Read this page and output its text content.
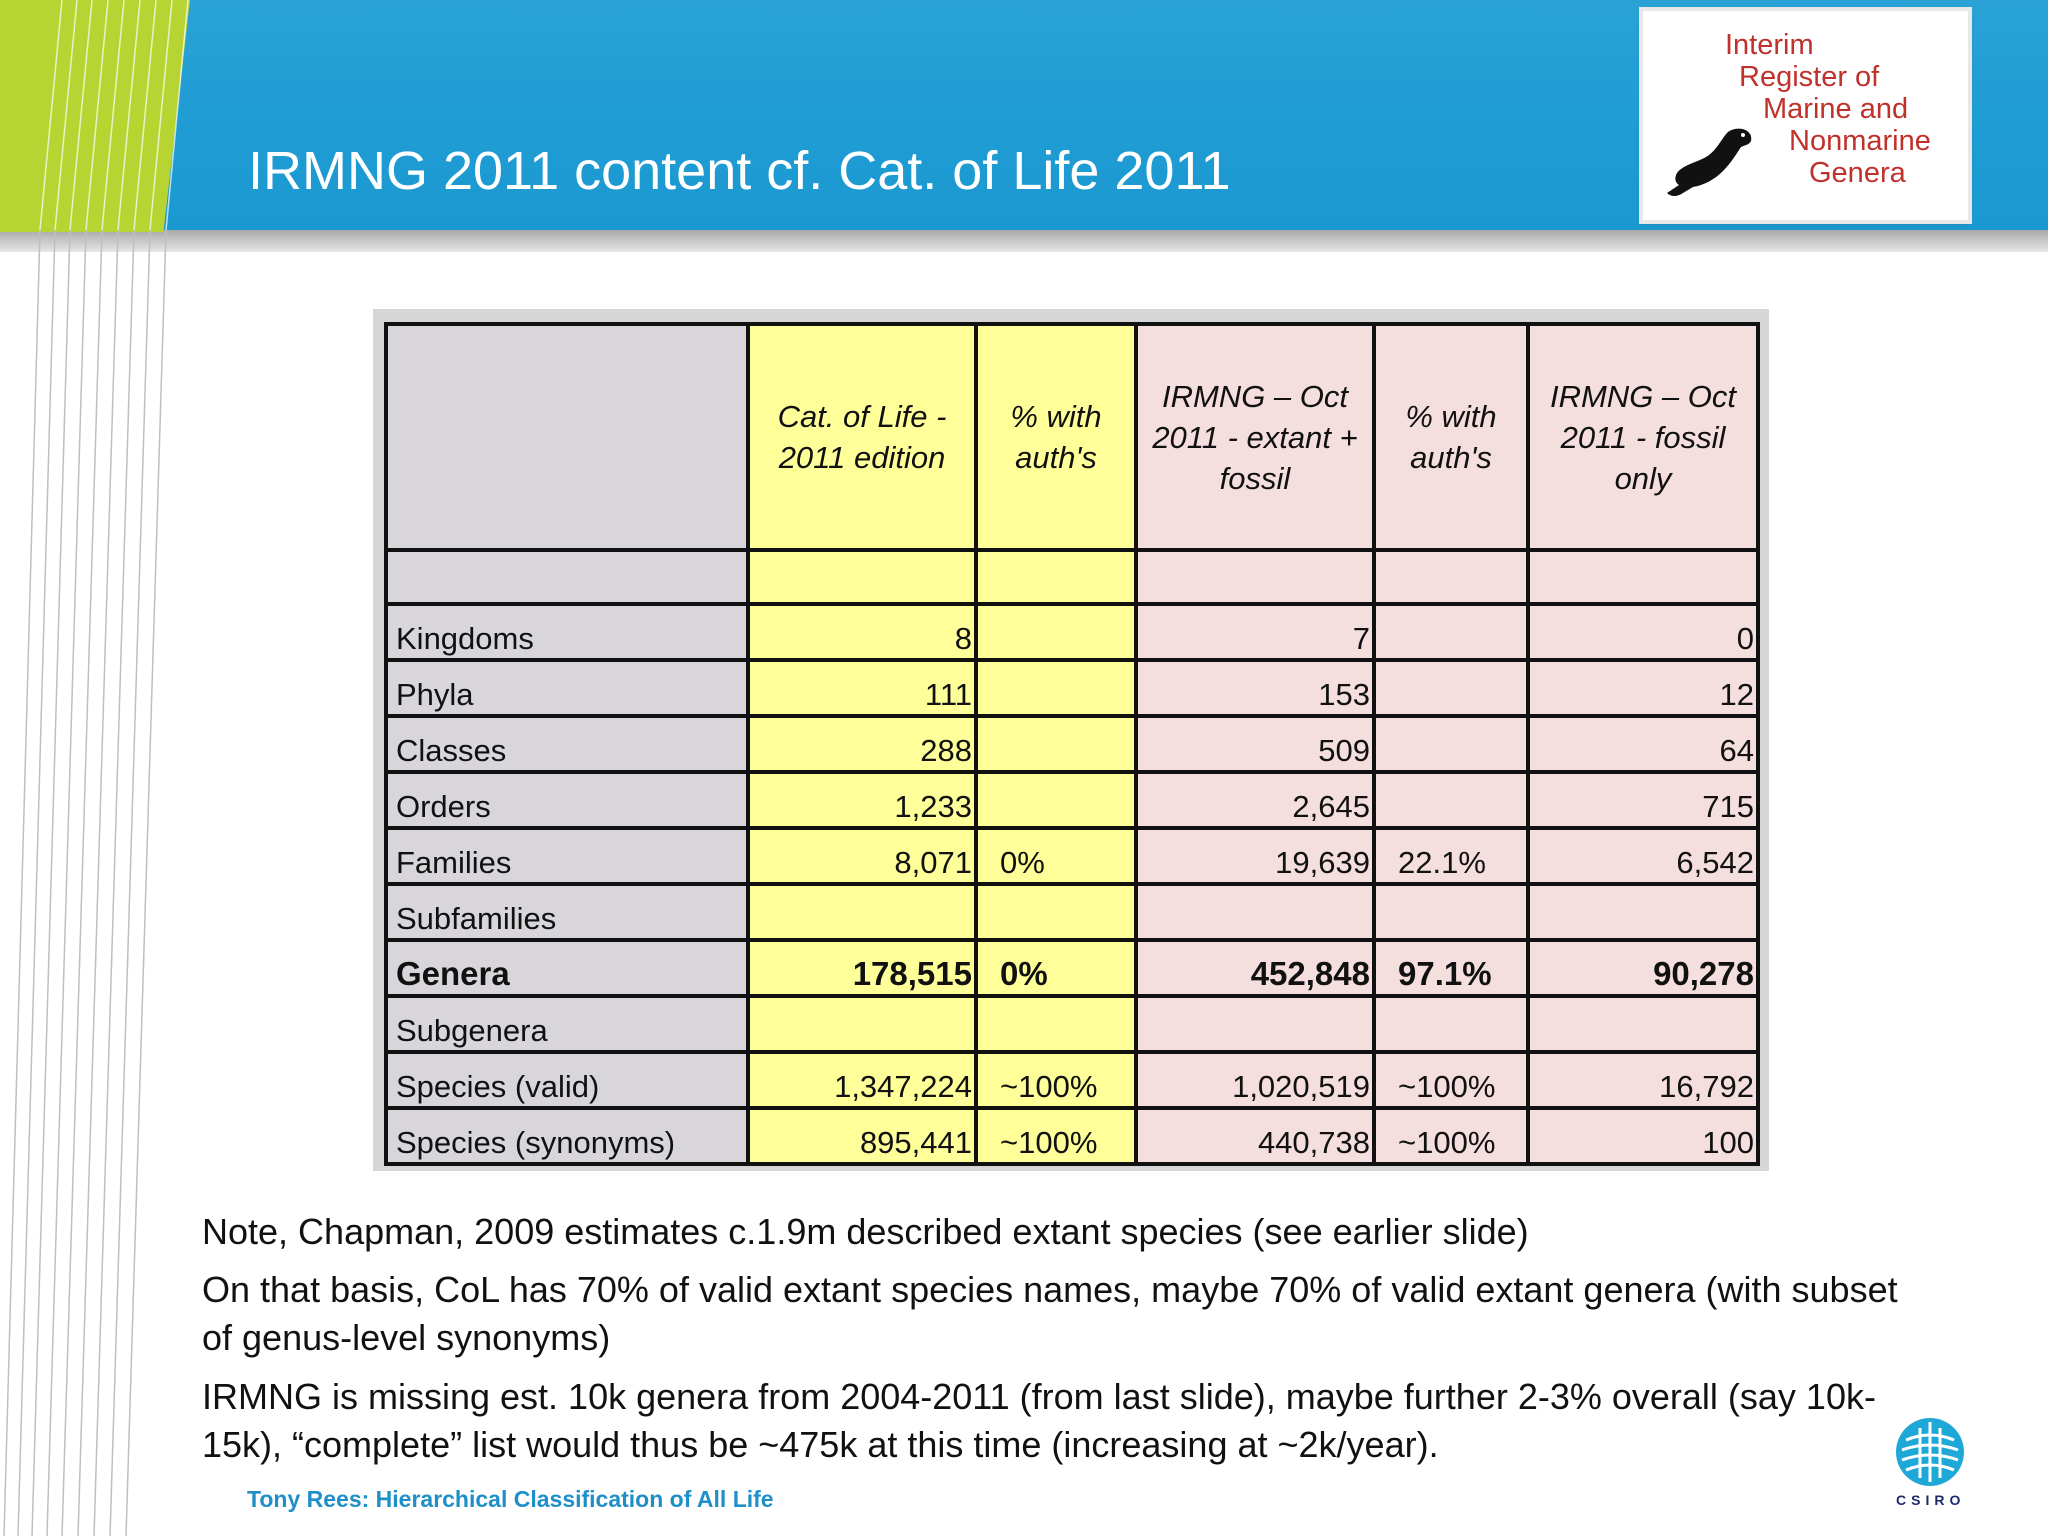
IRMNG 2011 content cf. Cat. of Life 2011
Interim
Register of
Marine and
Nonmarine
Genera
	Cat. of Life - 2011 edition	% with auth's	IRMNG – Oct 2011 - extant + fossil	% with auth's	IRMNG – Oct 2011 - fossil only

Kingdoms	8		7		0
Phyla	111		153		12
Classes	288		509		64
Orders	1,233		2,645		715
Families	8,071	0%	19,639	22.1%	6,542
Subfamilies					
Genera	178,515	0%	452,848	97.1%	90,278
Subgenera					
Species (valid)	1,347,224	~100%	1,020,519	~100%	16,792
Species (synonyms)	895,441	~100%	440,738	~100%	100
Note, Chapman, 2009 estimates c.1.9m described extant species (see earlier slide)
On that basis, CoL has 70% of valid extant species names, maybe 70% of valid extant genera (with subset of genus-level synonyms)
IRMNG is missing est. 10k genera from 2004-2011 (from last slide), maybe further 2-3% overall (say 10k-15k), “complete” list would thus be ~475k at this time (increasing at ~2k/year).
Tony Rees: Hierarchical Classification of All Life	CSIRO
